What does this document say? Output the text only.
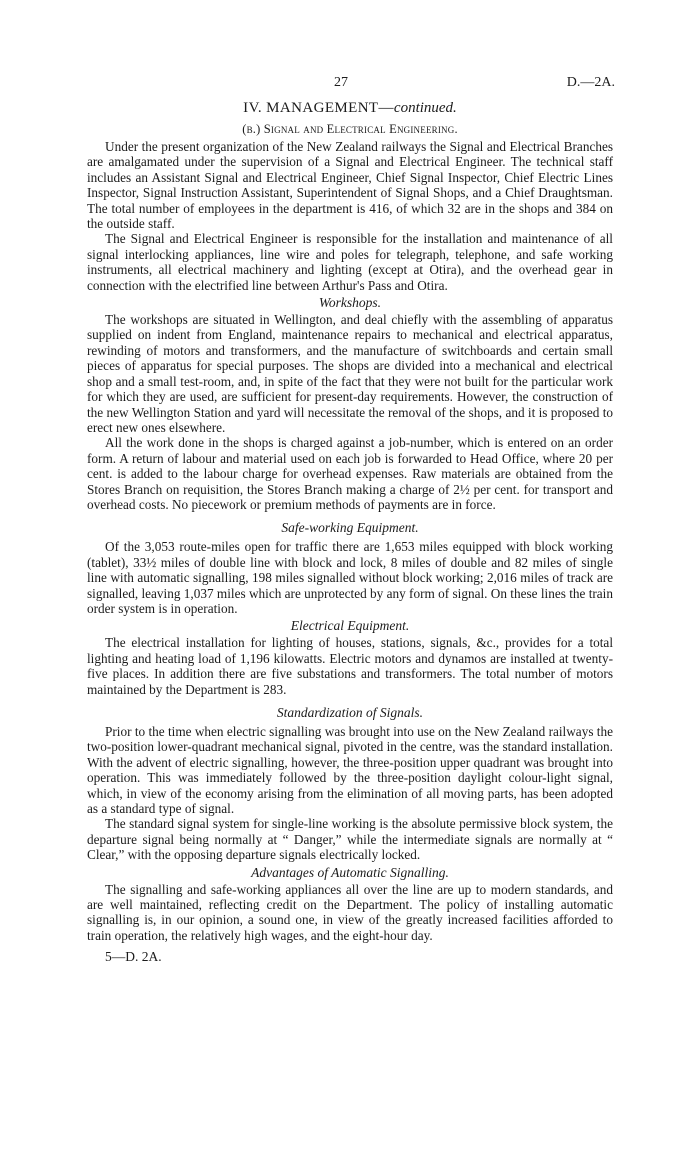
27	D.—2A.
IV. MANAGEMENT—continued.
(b.) Signal and Electrical Engineering.

Under the present organization of the New Zealand railways the Signal and Electrical Branches are amalgamated under the supervision of a Signal and Electrical Engineer. The technical staff includes an Assistant Signal and Electrical Engineer, Chief Signal Inspector, Chief Electric Lines Inspector, Signal Instruction Assistant, Superintendent of Signal Shops, and a Chief Draughtsman. The total number of employees in the department is 416, of which 32 are in the shops and 384 on the outside staff.

The Signal and Electrical Engineer is responsible for the installation and maintenance of all signal interlocking appliances, line wire and poles for telegraph, telephone, and safe working instruments, all electrical machinery and lighting (except at Otira), and the overhead gear in connection with the electrified line between Arthur's Pass and Otira.

Workshops.

The workshops are situated in Wellington, and deal chiefly with the assembling of apparatus supplied on indent from England, maintenance repairs to mechanical and electrical apparatus, rewinding of motors and transformers, and the manufacture of switchboards and certain small pieces of apparatus for special purposes. The shops are divided into a mechanical and electrical shop and a small test-room, and, in spite of the fact that they were not built for the particular work for which they are used, are sufficient for present-day requirements. However, the construction of the new Wellington Station and yard will necessitate the removal of the shops, and it is proposed to erect new ones elsewhere.

All the work done in the shops is charged against a job-number, which is entered on an order form. A return of labour and material used on each job is forwarded to Head Office, where 20 per cent. is added to the labour charge for overhead expenses. Raw materials are obtained from the Stores Branch on requisition, the Stores Branch making a charge of 2½ per cent. for transport and overhead costs. No piecework or premium methods of payments are in force.

Safe-working Equipment.

Of the 3,053 route-miles open for traffic there are 1,653 miles equipped with block working (tablet), 33½ miles of double line with block and lock, 8 miles of double and 82 miles of single line with automatic signalling, 198 miles signalled without block working; 2,016 miles of track are signalled, leaving 1,037 miles which are unprotected by any form of signal. On these lines the train order system is in operation.

Electrical Equipment.

The electrical installation for lighting of houses, stations, signals, &c., provides for a total lighting and heating load of 1,196 kilowatts. Electric motors and dynamos are installed at twenty-five places. In addition there are five substations and transformers. The total number of motors maintained by the Department is 283.

Standardization of Signals.

Prior to the time when electric signalling was brought into use on the New Zealand railways the two-position lower-quadrant mechanical signal, pivoted in the centre, was the standard installation. With the advent of electric signalling, however, the three-position upper quadrant was brought into operation. This was immediately followed by the three-position daylight colour-light signal, which, in view of the economy arising from the elimination of all moving parts, has been adopted as a standard type of signal.

The standard signal system for single-line working is the absolute permissive block system, the departure signal being normally at “ Danger,” while the intermediate signals are normally at “ Clear,” with the opposing departure signals electrically locked.

Advantages of Automatic Signalling.

The signalling and safe-working appliances all over the line are up to modern standards, and are well maintained, reflecting credit on the Department. The policy of installing automatic signalling is, in our opinion, a sound one, in view of the greatly increased facilities afforded to train operation, the relatively high wages, and the eight-hour day.

5—D. 2A.
